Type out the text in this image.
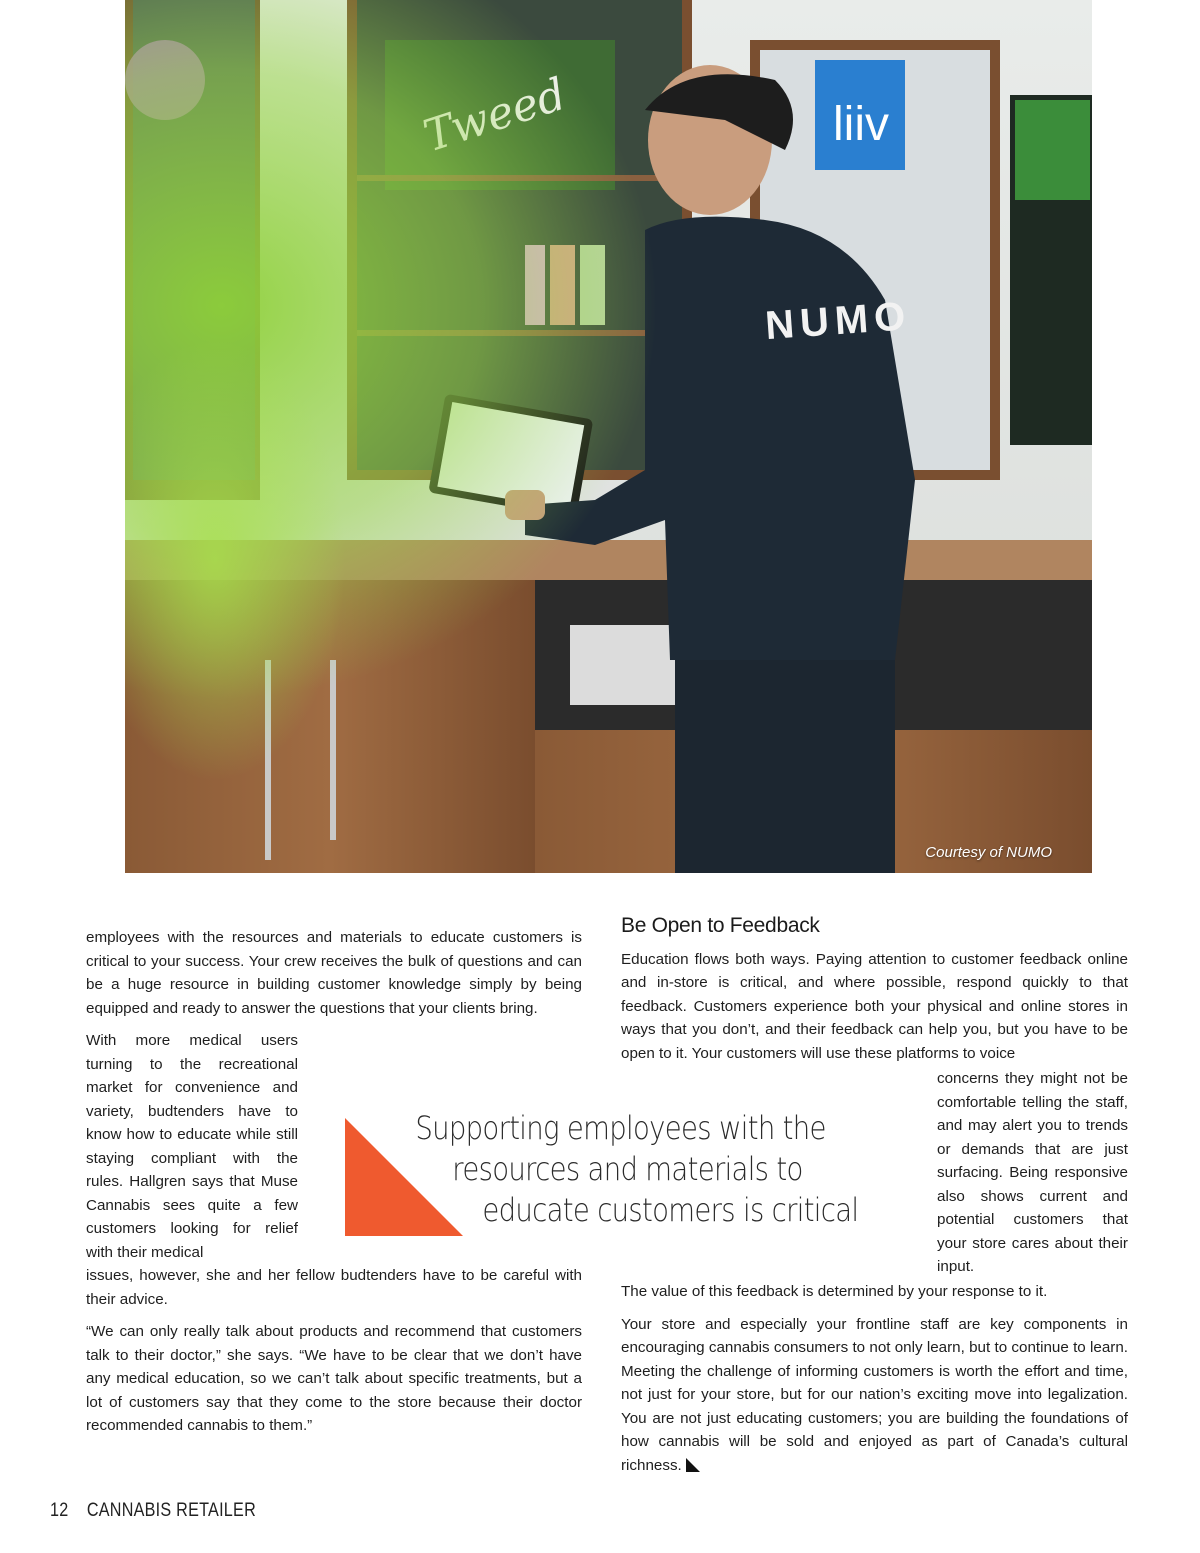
Courtesy of NUMO

employees with the resources and materials to educate customers is critical to your success. Your crew receives the bulk of questions and can be a huge resource in building customer knowledge simply by being equipped and ready to answer the questions that your clients bring.

With more medical users turning to the recreational market for convenience and variety, budtenders have to know how to educate while still staying compliant with the rules. Hallgren says that Muse Cannabis sees quite a few customers looking for relief with their medical

issues, however, she and her fellow budtenders have to be careful with their advice.

“We can only really talk about products and recommend that customers talk to their doctor,” she says. “We have to be clear that we don’t have any medical education, so we can’t talk about specific treatments, but a lot of customers say that they come to the store because their doctor recommended cannabis to them.”

Supporting employees with the
resources and materials to
educate customers is critical
Be Open to Feedback

Education flows both ways. Paying attention to customer feedback online and in-store is critical, and where possible, respond quickly to that feedback. Customers experience both your physical and online stores in ways that you don’t, and their feedback can help you, but you have to be open to it. Your customers will use these platforms to voice

concerns they might not be comfortable telling the staff, and may alert you to trends or demands that are just surfacing. Being responsive also shows current and potential customers that your store cares about their input.

The value of this feedback is determined by your response to it.

Your store and especially your frontline staff are key components in encouraging cannabis consumers to not only learn, but to continue to learn. Meeting the challenge of informing customers is worth the effort and time, not just for your store, but for our nation’s exciting move into legalization. You are not just educating customers; you are building the foundations of how cannabis will be sold and enjoyed as part of Canada’s cultural richness.

12 CANNABIS RETAILER
